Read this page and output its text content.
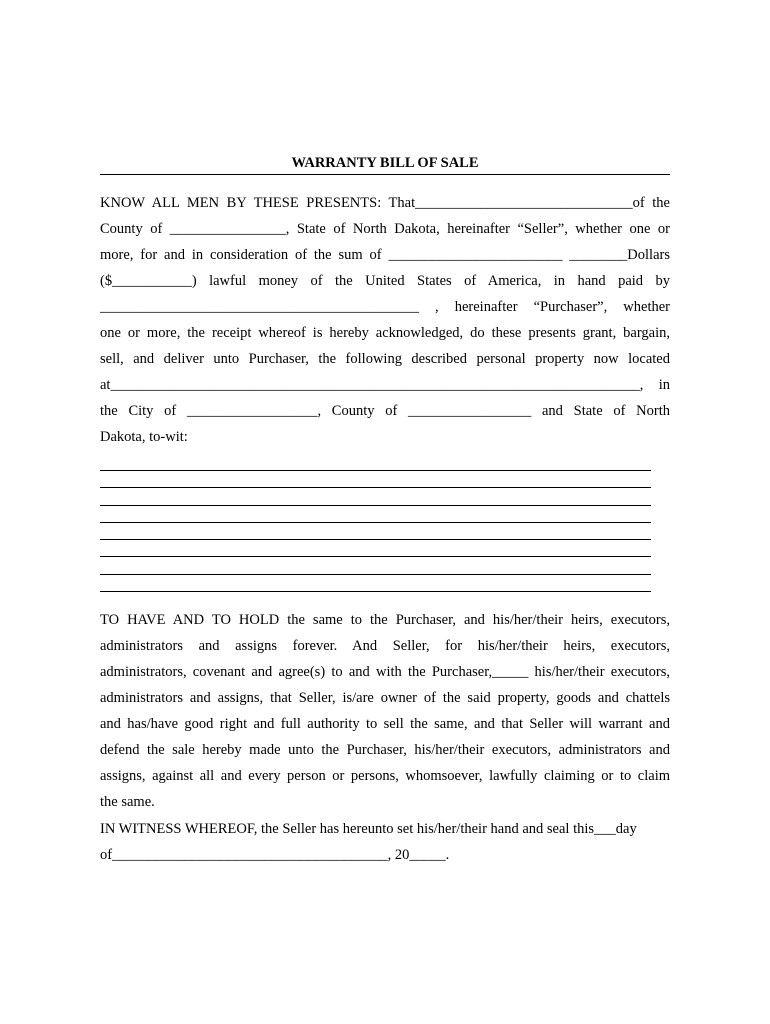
WARRANTY BILL OF SALE
KNOW ALL MEN BY THESE PRESENTS: That______________________________of the
County of ________________, State of North Dakota, hereinafter “Seller”, whether one or
more, for and in consideration of the sum of ________________________ ________Dollars
($___________) lawful money of the United States of America, in hand paid by
____________________________________________ , hereinafter “Purchaser”, whether
one or more, the receipt whereof is hereby acknowledged, do these presents grant, bargain,
sell, and deliver unto Purchaser, the following described personal property now located
at_________________________________________________________________________, in
the City of __________________, County of _________________ and State of North
Dakota, to-wit:
TO HAVE AND TO HOLD the same to the Purchaser, and his/her/their heirs, executors,
administrators and assigns forever. And Seller, for his/her/their heirs, executors,
administrators, covenant and agree(s) to and with the Purchaser,_____ his/her/their executors,
administrators and assigns, that Seller, is/are owner of the said property, goods and chattels
and has/have good right and full authority to sell the same, and that Seller will warrant and
defend the sale hereby made unto the Purchaser, his/her/their executors, administrators and
assigns, against all and every person or persons, whomsoever, lawfully claiming or to claim
the same.
IN WITNESS WHEREOF, the Seller has hereunto set his/her/their hand and seal this___day
of______________________________________, 20_____.
